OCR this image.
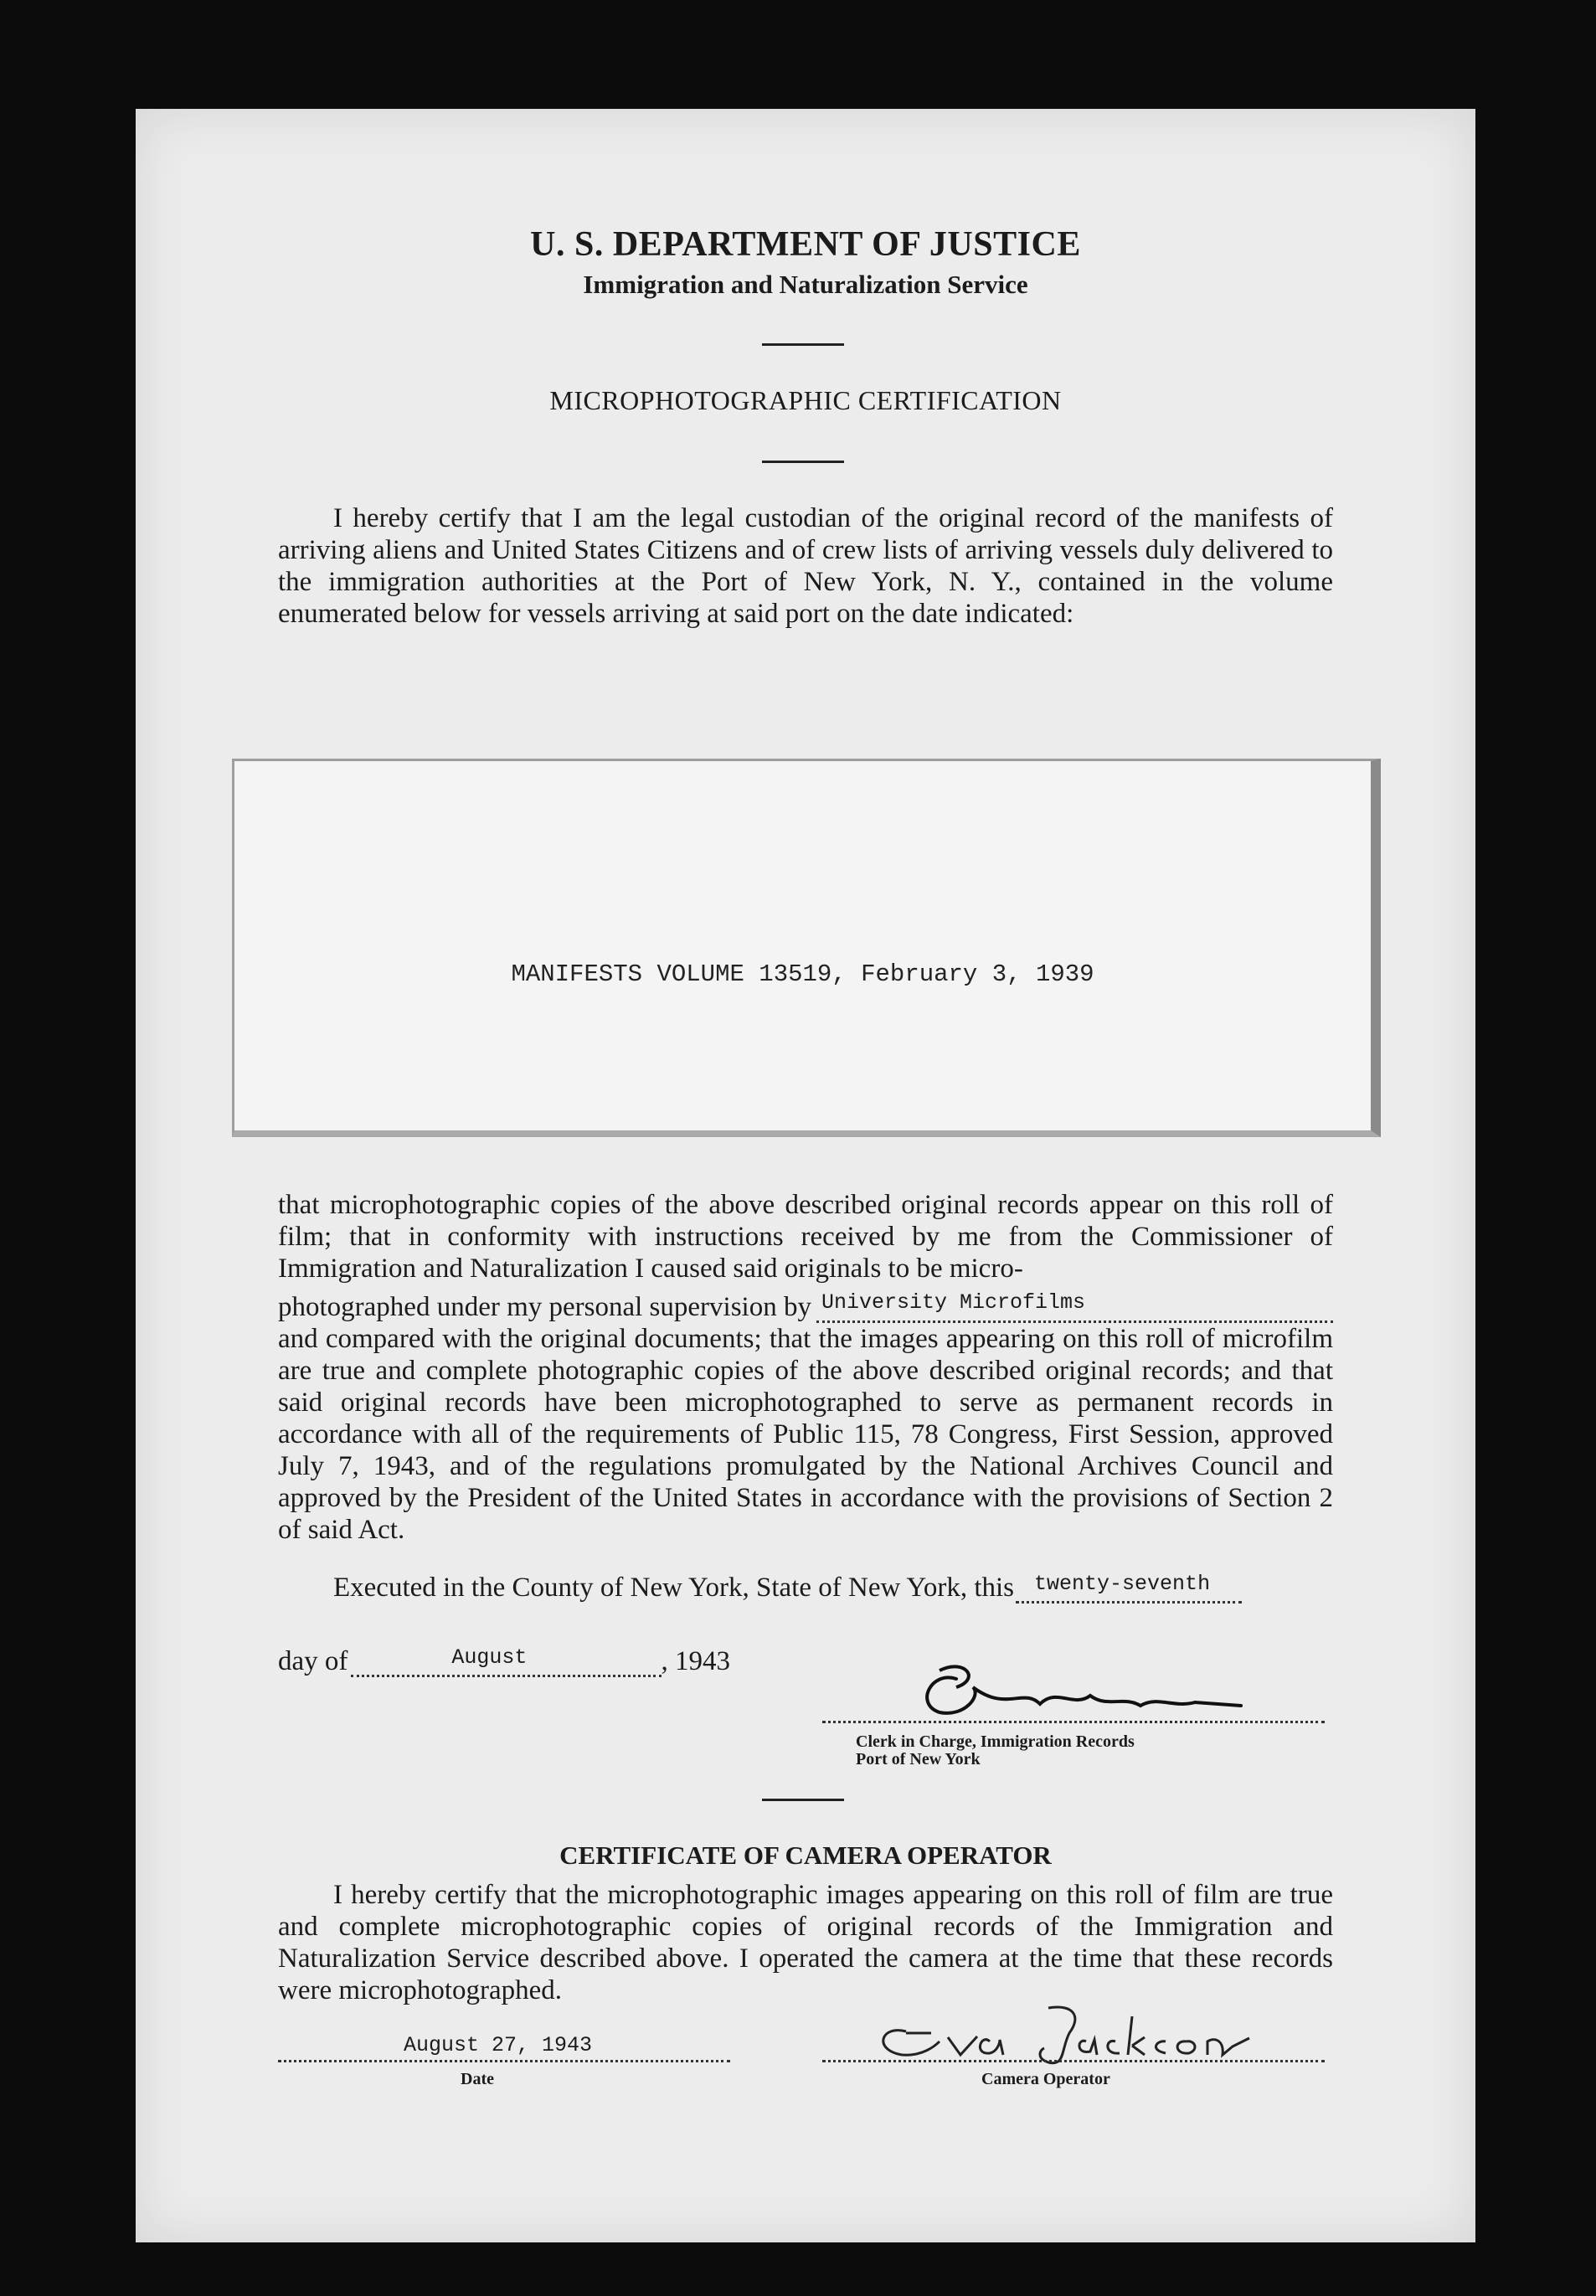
U. S. DEPARTMENT OF JUSTICE
Immigration and Naturalization Service
MICROPHOTOGRAPHIC CERTIFICATION
I hereby certify that I am the legal custodian of the original record of the manifests of arriving aliens and United States Citizens and of crew lists of arriving vessels duly delivered to the immigration authorities at the Port of New York, N. Y., contained in the volume enumerated below for vessels arriving at said port on the date indicated:
MANIFESTS VOLUME 13519, February 3, 1939

that microphotographic copies of the above described original records appear on this roll of film; that in conformity with instructions received by me from the Commissioner of Immigration and Naturalization I caused said originals to be micro-

photographed under my personal supervision by University Microfilms

and compared with the original documents; that the images appearing on this roll of microfilm are true and complete photographic copies of the above described original records; and that said original records have been microphotographed to serve as permanent records in accordance with all of the requirements of Public 115, 78 Congress, First Session, approved July 7, 1943, and of the regulations promulgated by the National Archives Council and approved by the President of the United States in accordance with the provisions of Section 2 of said Act.

Executed in the County of New York, State of New York, this twenty-seventh
day of	August	, 1943
Clerk in Charge, Immigration Records
Port of New York
CERTIFICATE OF CAMERA OPERATOR
I hereby certify that the microphotographic images appearing on this roll of film are true and complete microphotographic copies of original records of the Immigration and Naturalization Service described above. I operated the camera at the time that these records were microphotographed.
August 27, 1943
Date	Camera Operator
